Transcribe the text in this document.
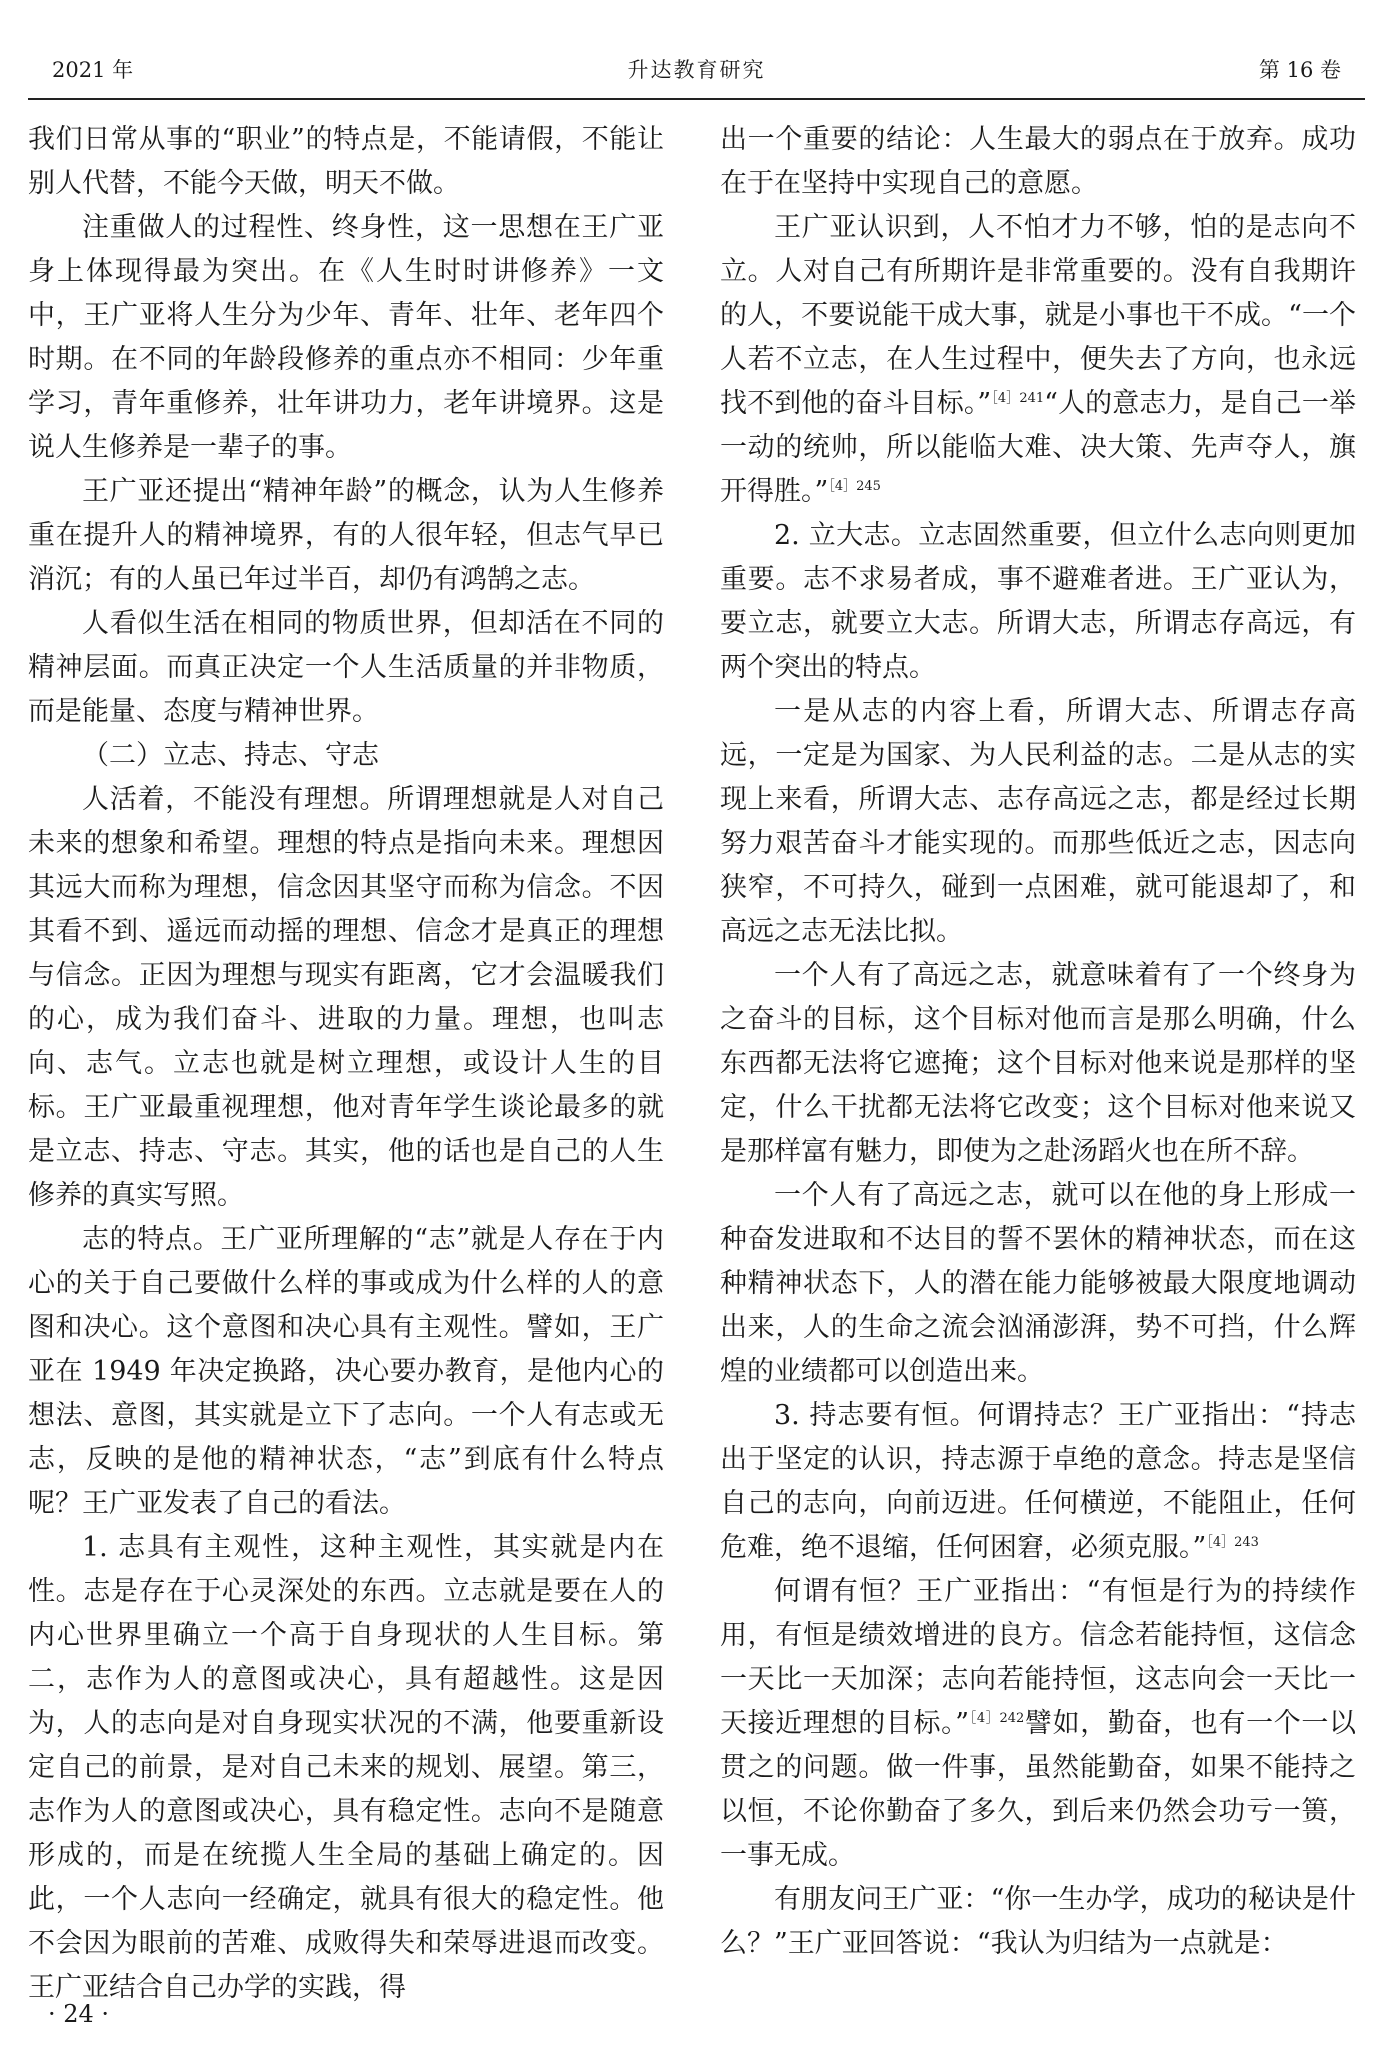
2021 年	升达教育研究	第 16 卷

我们日常从事的“职业”的特点是，不能请假，不能让别人代替，不能今天做，明天不做。

注重做人的过程性、终身性，这一思想在王广亚身上体现得最为突出。在《人生时时讲修养》一文中，王广亚将人生分为少年、青年、壮年、老年四个时期。在不同的年龄段修养的重点亦不相同：少年重学习，青年重修养，壮年讲功力，老年讲境界。这是说人生修养是一辈子的事。

王广亚还提出“精神年龄”的概念，认为人生修养重在提升人的精神境界，有的人很年轻，但志气早已消沉；有的人虽已年过半百，却仍有鸿鹄之志。

人看似生活在相同的物质世界，但却活在不同的精神层面。而真正决定一个人生活质量的并非物质，而是能量、态度与精神世界。

（二）立志、持志、守志

人活着，不能没有理想。所谓理想就是人对自己未来的想象和希望。理想的特点是指向未来。理想因其远大而称为理想，信念因其坚守而称为信念。不因其看不到、遥远而动摇的理想、信念才是真正的理想与信念。正因为理想与现实有距离，它才会温暖我们的心，成为我们奋斗、进取的力量。理想，也叫志向、志气。立志也就是树立理想，或设计人生的目标。王广亚最重视理想，他对青年学生谈论最多的就是立志、持志、守志。其实，他的话也是自己的人生修养的真实写照。

志的特点。王广亚所理解的“志”就是人存在于内心的关于自己要做什么样的事或成为什么样的人的意图和决心。这个意图和决心具有主观性。譬如，王广亚在 1949 年决定换路，决心要办教育，是他内心的想法、意图，其实就是立下了志向。一个人有志或无志，反映的是他的精神状态，“志”到底有什么特点呢？王广亚发表了自己的看法。

1. 志具有主观性，这种主观性，其实就是内在性。志是存在于心灵深处的东西。立志就是要在人的内心世界里确立一个高于自身现状的人生目标。第二，志作为人的意图或决心，具有超越性。这是因为，人的志向是对自身现实状况的不满，他要重新设定自己的前景，是对自己未来的规划、展望。第三，志作为人的意图或决心，具有稳定性。志向不是随意形成的，而是在统揽人生全局的基础上确定的。因此，一个人志向一经确定，就具有很大的稳定性。他不会因为眼前的苦难、成败得失和荣辱进退而改变。王广亚结合自己办学的实践，得

出一个重要的结论：人生最大的弱点在于放弃。成功在于在坚持中实现自己的意愿。

王广亚认识到，人不怕才力不够，怕的是志向不立。人对自己有所期许是非常重要的。没有自我期许的人，不要说能干成大事，就是小事也干不成。“一个人若不立志，在人生过程中，便失去了方向，也永远找不到他的奋斗目标。”$^{[4]241}$“人的意志力，是自己一举一动的统帅，所以能临大难、决大策、先声夺人，旗开得胜。”$^{[4]245}$

2. 立大志。立志固然重要，但立什么志向则更加重要。志不求易者成，事不避难者进。王广亚认为，要立志，就要立大志。所谓大志，所谓志存高远，有两个突出的特点。

一是从志的内容上看，所谓大志、所谓志存高远，一定是为国家、为人民利益的志。二是从志的实现上来看，所谓大志、志存高远之志，都是经过长期努力艰苦奋斗才能实现的。而那些低近之志，因志向狭窄，不可持久，碰到一点困难，就可能退却了，和高远之志无法比拟。

一个人有了高远之志，就意味着有了一个终身为之奋斗的目标，这个目标对他而言是那么明确，什么东西都无法将它遮掩；这个目标对他来说是那样的坚定，什么干扰都无法将它改变；这个目标对他来说又是那样富有魅力，即使为之赴汤蹈火也在所不辞。

一个人有了高远之志，就可以在他的身上形成一种奋发进取和不达目的誓不罢休的精神状态，而在这种精神状态下，人的潜在能力能够被最大限度地调动出来，人的生命之流会汹涌澎湃，势不可挡，什么辉煌的业绩都可以创造出来。

3. 持志要有恒。何谓持志？王广亚指出：“持志出于坚定的认识，持志源于卓绝的意念。持志是坚信自己的志向，向前迈进。任何横逆，不能阻止，任何危难，绝不退缩，任何困窘，必须克服。”$^{[4]243}$

何谓有恒？王广亚指出：“有恒是行为的持续作用，有恒是绩效增进的良方。信念若能持恒，这信念一天比一天加深；志向若能持恒，这志向会一天比一天接近理想的目标。”$^{[4]242}$譬如，勤奋，也有一个一以贯之的问题。做一件事，虽然能勤奋，如果不能持之以恒，不论你勤奋了多久，到后来仍然会功亏一篑，一事无成。

有朋友问王广亚：“你一生办学，成功的秘诀是什么？”王广亚回答说：“我认为归结为一点就是：

· 24 ·
